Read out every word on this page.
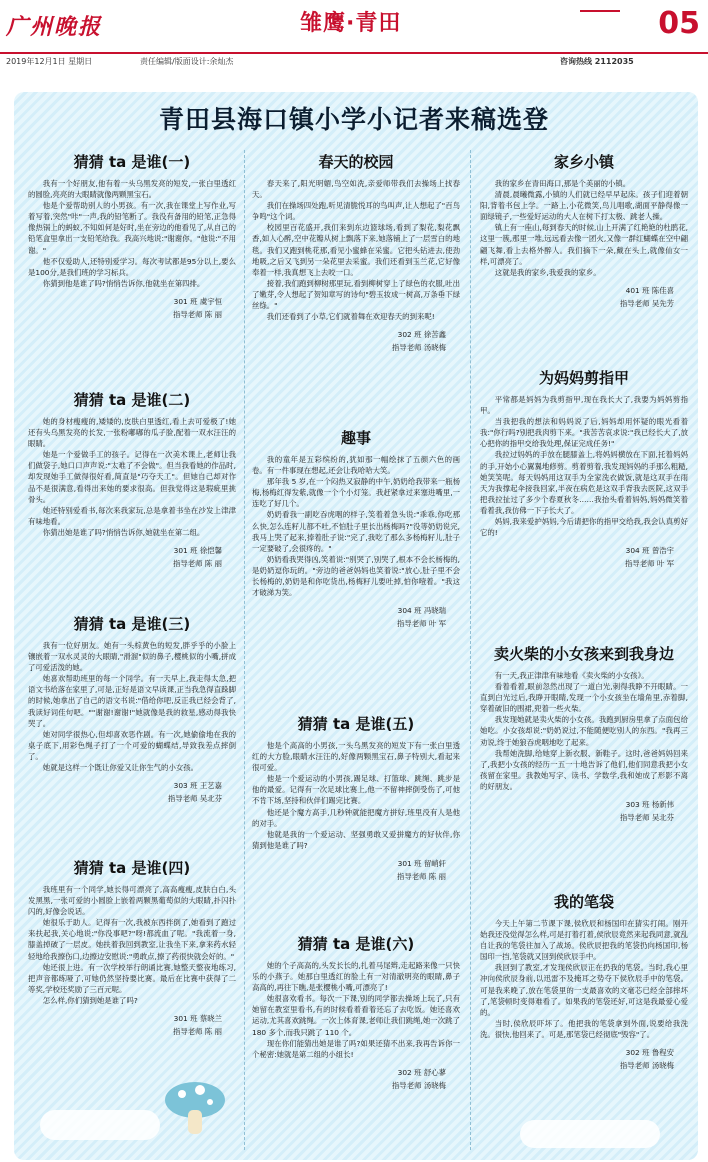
广州晚报	雏鹰·青田	05
2019年12月1日 星期日	责任编辑/版面设计:余灿杰	咨询热线 2112035
青田县海口镇小学小记者来稿选登
猜猜 ta 是谁(一)

我有一个好朋友,他有着一头乌黑发亮的短发,一张白里透红的圆脸,亮亮的大眼睛就像两颗黑宝石。

他是个爱帮助别人的小男孩。有一次,我在课堂上写作业,写着写着,突然"咔"一声,我的铅笔断了。我没有备用的铅笔,正急得像热锅上的蚂蚁,不知如何是好时,坐在旁边的他看见了,从自己的铅笔盒里拿出一支铅笔给我。我高兴地说:"谢谢你。"他说:"不用谢。"

他不仅爱助人,还特别爱学习。每次考试都是95分以上,要么是100分,是我们班的学习标兵。

你猜到他是谁了吗?悄悄告诉你,他就坐在第四排。

301 班 虞宇恒
指导老师 陈 丽
猜猜 ta 是谁(二)

她的身材瘦瘦的,矮矮的,皮肤白里透红,看上去可爱极了!她还有头乌黑发亮的长发,一张粉嘟嘟的瓜子脸,配着一双水汪汪的眼睛。

她是一个爱做手工的孩子。记得在一次美术课上,老师让我们做袋子,她口口声声说:"太难了不会做"。但当我看她的作品时,却发现她手工做得很好看,简直是"巧夺天工"。但她自己却对作品不是很满意,看得出来她的要求很高。但我觉得这是瑕疵里挑骨头。

她还特别爱看书,每次来我家玩,总是拿着书坐在沙发上津津有味地看。

你猜出她是谁了吗?悄悄告诉你,她就坐在第二组。

301 班 徐恺馨
指导老师 陈 丽
猜猜 ta 是谁(三)

我有一位好朋友。她有一头棕黄色的短发,胖乎乎的小脸上镶嵌着一双水灵灵的大眼睛,"滑溜"似的鼻子,樱桃似的小嘴,拼成了可爱活泼的她。

她喜欢帮助班里的每一个同学。有一天早上,我走得太急,把语文书给落在家里了,可是,正好是语文早读课,正当我急得直跺脚的时候,她拿出了自己的语文书说:"借给你吧,反正我已经会背了,我读好词佳句吧。""谢谢!谢谢!"她就像是我的救星,感动得我快哭了。

她对同学很热心,但却喜欢恶作剧。有一次,她偷偷地在我的桌子底下,用彩色绳子打了一个可爱的蝴蝶结,导致我差点摔倒了。

她就是这样一个既让你爱又让你生气的小女孩。

303 班 王艺嘉
指导老师 吴北芬
猜猜 ta 是谁(四)

我班里有一个同学,她长得可漂亮了,高高瘦瘦,皮肤白白,头发黑黑,一张可爱的小圆脸上嵌着两颗黑葡萄似的大眼睛,扑闪扑闪的,好像会说话。

她很乐于助人。记得有一次,我被东西拌倒了,她看到了跑过来扶起我,关心地说:"你没事吧?"呀!都流血了呢。"我流着一身,膝盖掉破了一层皮。她扶着我回到教室,让我坐下来,拿来药水轻轻地给我擦伤口,边擦边安慰说:"勇敢点,擦了药很快就会好的。"

她还很上进。有一次学校举行朗诵比赛,她整天整夜地练习,把声音都练哑了,可她仍然坚持要比赛。最后在比赛中获得了二等奖,学校还奖励了三百元呢。

怎么样,你们猜到她是谁了吗?

301 班 蔡晓兰
指导老师 陈 丽
春天的校园

春天来了,阳光明媚,鸟空如洗,亲爱师带我们去操场上找春天。

我们在操场四处跑,听见清脆悦耳的鸟叫声,让人想起了"百鸟争鸣"这个词。

校园里百花盛开,我们来到东边篮球场,看到了梨花,梨花飘香,如人心醉,空中花瓣从树上飘落下来,她落铺上了一层雪白的地毯。我们又跑到桃花那,看见小蜜蜂在采蜜。它把头钻进去,使劲地吸,之后又飞到另一朵花里去采蜜。我们还看到玉兰花,它好像奉着一样,我真想飞上去咬一口。

接着,我们跑到柳树那里玩,看到柳树穿上了绿色的衣服,吐出了嫩芽,令人想起了贺知章写的诗句"碧玉妆成一树高,万条垂下绿丝绦。"

我们还看到了小草,它们就着舞在欢迎春天的到来呢!

302 班 徐苦鑫
指导老师 汤晓梅
趣事

我的童年是五彩缤纷的,犹如那一幅绘抹了五颜六色的画卷。有一件事现在想起,还会让我哈哈大笑。

那年我 5 岁,在一个闷热又寂静的中午,奶奶给我带来一瓶杨梅,杨梅红得发紫,就像一个个小灯笼。我赶紧拿过来塞进嘴里,一连吃了好几个。

奶奶看我一副吃吞虎咽的样子,笑着着急头说:"乖乖,你吃那么快,怎么连籽儿都不吐,不怕肚子里长出杨梅吗?"没等奶奶说完,我马上哭了起来,捧着肚子说:"完了,我吃了那么多杨梅籽儿,肚子一定要破了,会很疼的。"

奶奶看我哭得凶,笑着说:"别哭了,别哭了,根本不会长杨梅的,是奶奶逗你玩的。"旁边的爸爸妈妈也笑着说:"放心,肚子里不会长杨梅的,奶奶是和你吃货出,杨梅籽儿要吐掉,怕你噎着。"我这才破涕为笑。

304 班 冯晓瑞
指导老师 叶 军
猜猜 ta 是谁(五)

他是个高高的小男孩,一头乌黑发亮的短发下有一张白里透红的大方脸,眼睛水汪汪的,好像两颗黑宝石,鼻子特别大,看起来很可爱。

他是一个爱运动的小男孩,踢足球、打篮球、跳绳、跳步是他的最爱。记得有一次足球比赛上,他一不留神摔倒受伤了,可他不肯下场,坚持和伙伴们踢完比赛。

他还是个魔方高手,几秒钟就能把魔方拼好,班里没有人是他的对手。

他就是我的一个爱运动、坚强勇敢又爱拼魔方的好伙伴,你猜到他是谁了吗?

301 班 留峭轩
指导老师 陈 丽
猜猜 ta 是谁(六)

她的个子高高的,头发长长的,扎着马尾辫,走起路来像一只快乐的小燕子。她那白里透红的脸上有一对清澈明亮的眼睛,鼻子高高的,再往下瞧,是张樱桃小嘴,可漂亮了!

她很喜欢看书。每次一下课,别的同学都去操场上玩了,只有她留在教室里看书,有的时候看着看着还忘了去吃饭。她还喜欢运动,尤其喜欢跳绳。一次上体育课,老师让我们跳绳,她一次跳了 180 多个,而我只跳了 110 个。

现在你们能猜出她是谁了吗?如果还猜不出来,我再告诉你一个秘密:她就是第二组的小组长!

302 班 舒心蓼
指导老师 汤晓梅
家乡小镇

我的家乡在青田海口,那是个美丽的小镇。

清晨,晨曦微露,小镇的人们就已经早早起床。孩子们迎着朝阳,背着书包上学。一路上,小花微笑,鸟儿唱歌,湖面平静得像一面绿镜子,一些爱好运动的大人在树下打太极、跳老人操。

镇上有一座山,每到春天的时候,山上开满了红艳艳的杜鹃花,这里一簇,那里一堆,远远看去像一团火,又像一群红蝴蝶在空中翩翩飞舞,看上去格外醉人。我们摘下一朵,戴在头上,就像仙女一样,可漂亮了。

这就是我的家乡,我爱我的家乡。

401 班 陈佳喜
指导老师 吴先芳
为妈妈剪指甲

平常都是妈妈为我剪指甲,现在我长大了,我要为妈妈剪指甲。

当我把我的想法和妈妈说了后,妈妈却用怀疑的眼光看着我:"你行吗?别把我肉剪下来。"我苦苦哀求说:"我已经长大了,放心把你的指甲交给我处理,保证完成任务!"

我拉过妈妈的手放在腿膝盖上,将妈妈横放在下面,托着妈妈的手,开始小心翼翼地修剪。剪着剪着,我发现妈妈的手那么粗糙,她笑笑呢。每天妈妈用这双手为全家洗衣做饭,就是这双手在雨天为我撑起伞接我回家,半夜在病危是这双手背我去医院,这双手把我拉扯过了多少个春夏秋冬……我抬头看着妈妈,妈妈微笑着看着我,我仿佛一下子长大了。

妈妈,我来爱护妈妈,今后请把你的指甲交给我,我会认真剪好它的!

304 班 曾浩宇
指导老师 叶 军
卖火柴的小女孩来到我身边

有一天,我正津津有味地看《卖火柴的小女孩》。

看着看着,眼前忽然出现了一道白光,刺得我睁不开眼睛。一直到白光过后,我睁开眼睛,发现一个小女孩坐在墙角里,赤着脚,穿着破旧的围裙,兜着一些火柴。

我发现她就是卖火柴的小女孩。我跑到厨房里拿了点面包给她吃。小女孩却说:"奶奶说过,不能随便吃别人的东西。"我再三劝说,终于她狼吞虎咽地吃了起来。

我帮她洗脚,给她穿上新衣服、新鞋子。这时,爸爸妈妈回来了,我把小女孩的经历一五一十地告诉了他们,他们同意我把小女孩留在家里。我教她写字、读书、学数学,我和她成了形影不离的好朋友。

303 班 杨新伟
指导老师 吴北芬
我的笔袋

今天上午第二节课下课,侯欣辰和杨国印在猜实打闹。刚开始我还没觉得怎么样,可是打着打着,侯欣辰竟然来起我同意,就乱自让我的笔袋往加入了战场。侯欣辰把我的笔袋扔向杨国印,杨国印一挡,笔袋就又回到侯欣辰手中。

我回到了教室,才发现侯欣辰正在扔我的笔袋。当时,我心里冲向侯欣辰身前,以迅雷不及掩耳之势夺下侯欣辰手中的笔袋。可是我来晚了,放在笔袋里的一支最喜欢的文毫芯已经全部摔坏了,笔袋顿时变得难看了。如果我的笔袋还好,可这是我最爱心爱的。

当时,侯欣辰吓坏了。他把我的笔袋拿到外面,说要给我洗洗。很快,他回来了。可是,那笔袋已经彻底"毁容"了。

302 班 鲁程安
指导老师 汤晓梅
